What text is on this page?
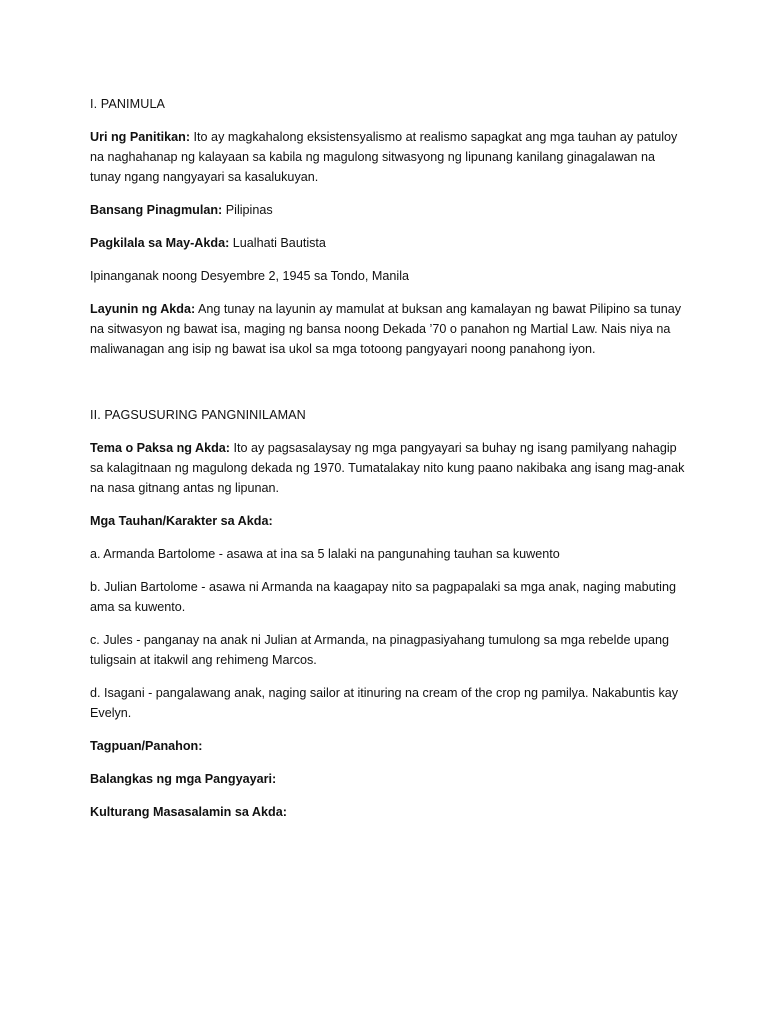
I. PANIMULA

Uri ng Panitikan: Ito ay magkahalong eksistensyalismo at realismo sapagkat ang mga tauhan ay patuloy na naghahanap ng kalayaan sa kabila ng magulong sitwasyong ng lipunang kanilang ginagalawan na tunay ngang nangyayari sa kasalukuyan.

Bansang Pinagmulan: Pilipinas

Pagkilala sa May-Akda: Lualhati Bautista

Ipinanganak noong Desyembre 2, 1945 sa Tondo, Manila

Layunin ng Akda: Ang tunay na layunin ay mamulat at buksan ang kamalayan ng bawat Pilipino sa tunay na sitwasyon ng bawat isa, maging ng bansa noong Dekada ’70 o panahon ng Martial Law. Nais niya na maliwanagan ang isip ng bawat isa ukol sa mga totoong pangyayari noong panahong iyon.

II. PAGSUSURING PANGNINILAMAN

Tema o Paksa ng Akda: Ito ay pagsasalaysay ng mga pangyayari sa buhay ng isang pamilyang nahagip sa kalagitnaan ng magulong dekada ng 1970. Tumatalakay nito kung paano nakibaka ang isang mag-anak na nasa gitnang antas ng lipunan.

Mga Tauhan/Karakter sa Akda:

a. Armanda Bartolome - asawa at ina sa 5 lalaki na pangunahing tauhan sa kuwento

b. Julian Bartolome - asawa ni Armanda na kaagapay nito sa pagpapalaki sa mga anak, naging mabuting ama sa kuwento.

c. Jules - panganay na anak ni Julian at Armanda, na pinagpasiyahang tumulong sa mga rebelde upang tuligsain at itakwil ang rehimeng Marcos.

d. Isagani - pangalawang anak, naging sailor at itinuring na cream of the crop ng pamilya. Nakabuntis kay Evelyn.

Tagpuan/Panahon:

Balangkas ng mga Pangyayari:

Kulturang Masasalamin sa Akda:
